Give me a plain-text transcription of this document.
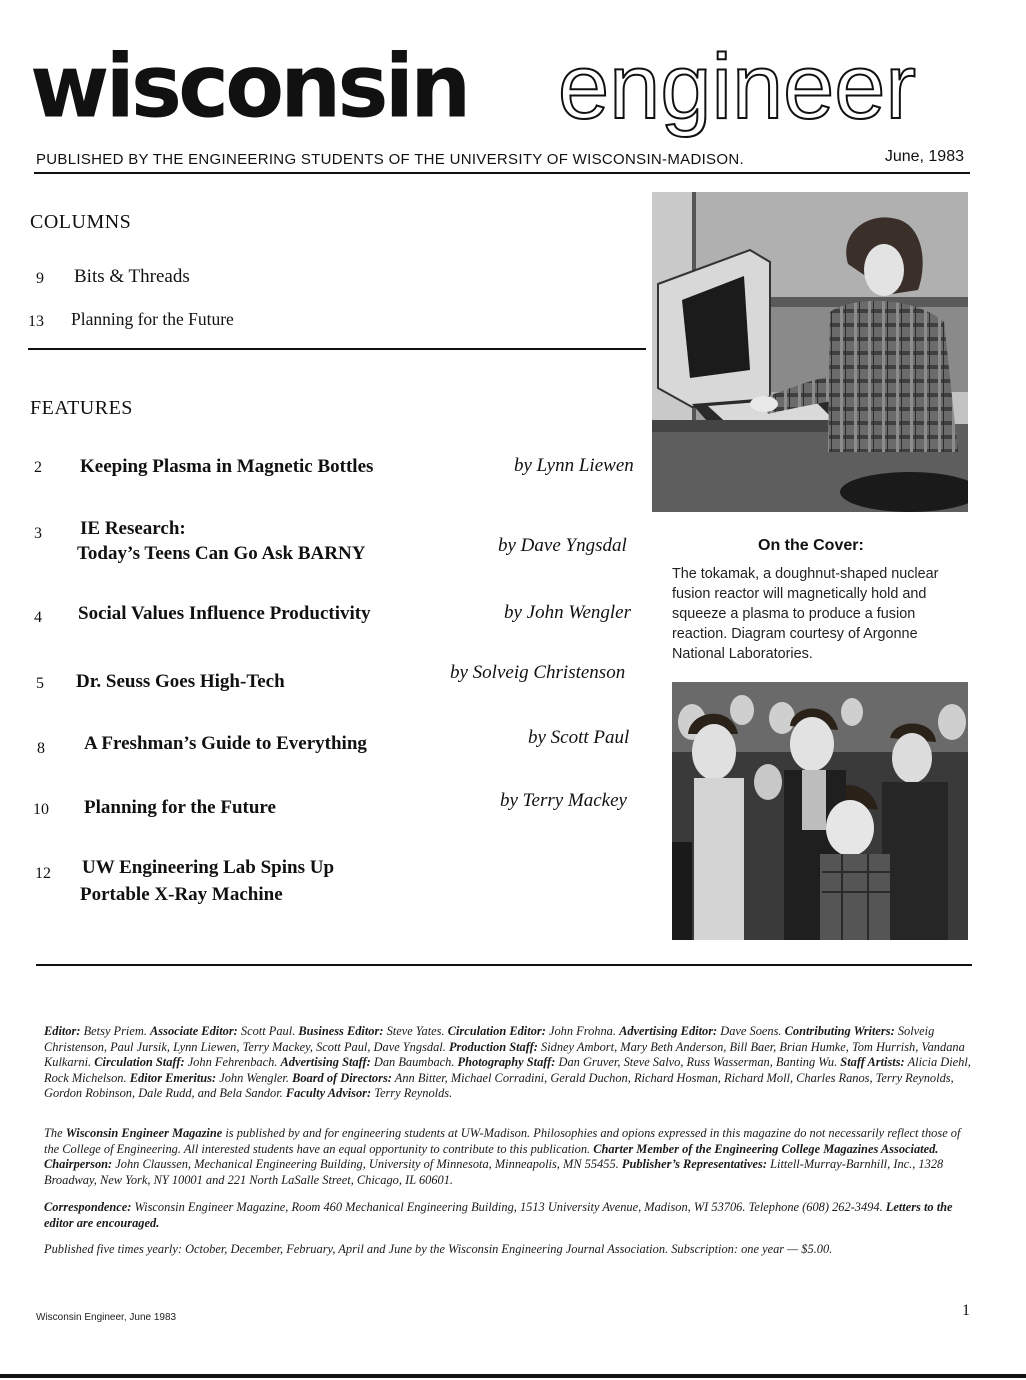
wisconsin engineer
PUBLISHED BY THE ENGINEERING STUDENTS OF THE UNIVERSITY OF WISCONSIN-MADISON.	June, 1983
COLUMNS
9 Bits & Threads
13 Planning for the Future
FEATURES
2 Keeping Plasma in Magnetic Bottles	by Lynn Liewen
3 IE Research:
Today’s Teens Can Go Ask BARNY	by Dave Yngsdal
4 Social Values Influence Productivity	by John Wengler
5 Dr. Seuss Goes High-Tech	by Solveig Christenson
8 A Freshman’s Guide to Everything	by Scott Paul
10 Planning for the Future	by Terry Mackey
12 UW Engineering Lab Spins Up
Portable X-Ray Machine
On the Cover:
The tokamak, a doughnut-shaped nuclear fusion reactor will magnetically hold and squeeze a plasma to produce a fusion reaction. Diagram courtesy of Argonne National Laboratories.
Editor: Betsy Priem. Associate Editor: Scott Paul. Business Editor: Steve Yates. Circulation Editor: John Frohna. Advertising Editor: Dave Soens. Contributing Writers: Solveig Christenson, Paul Jursik, Lynn Liewen, Terry Mackey, Scott Paul, Dave Yngsdal. Production Staff: Sidney Ambort, Mary Beth Anderson, Bill Baer, Brian Humke, Tom Hurrish, Vandana Kulkarni. Circulation Staff: John Fehrenbach. Advertising Staff: Dan Baumbach. Photography Staff: Dan Gruver, Steve Salvo, Russ Wasserman, Banting Wu. Staff Artists: Alicia Diehl, Rock Michelson. Editor Emeritus: John Wengler. Board of Directors: Ann Bitter, Michael Corradini, Gerald Duchon, Richard Hosman, Richard Moll, Charles Ranos, Terry Reynolds, Gordon Robinson, Dale Rudd, and Bela Sandor. Faculty Advisor: Terry Reynolds.
The Wisconsin Engineer Magazine is published by and for engineering students at UW-Madison. Philosophies and opions expressed in this magazine do not necessarily reflect those of the College of Engineering. All interested students have an equal opportunity to contribute to this publication. Charter Member of the Engineering College Magazines Associated. Chairperson: John Claussen, Mechanical Engineering Building, University of Minnesota, Minneapolis, MN 55455. Publisher’s Representatives: Littell-Murray-Barnhill, Inc., 1328 Broadway, New York, NY 10001 and 221 North LaSalle Street, Chicago, IL 60601.
Correspondence: Wisconsin Engineer Magazine, Room 460 Mechanical Engineering Building, 1513 University Avenue, Madison, WI 53706. Telephone (608) 262-3494. Letters to the editor are encouraged.
Published five times yearly: October, December, February, April and June by the Wisconsin Engineering Journal Association. Subscription: one year — $5.00.
Wisconsin Engineer, June 1983	1
